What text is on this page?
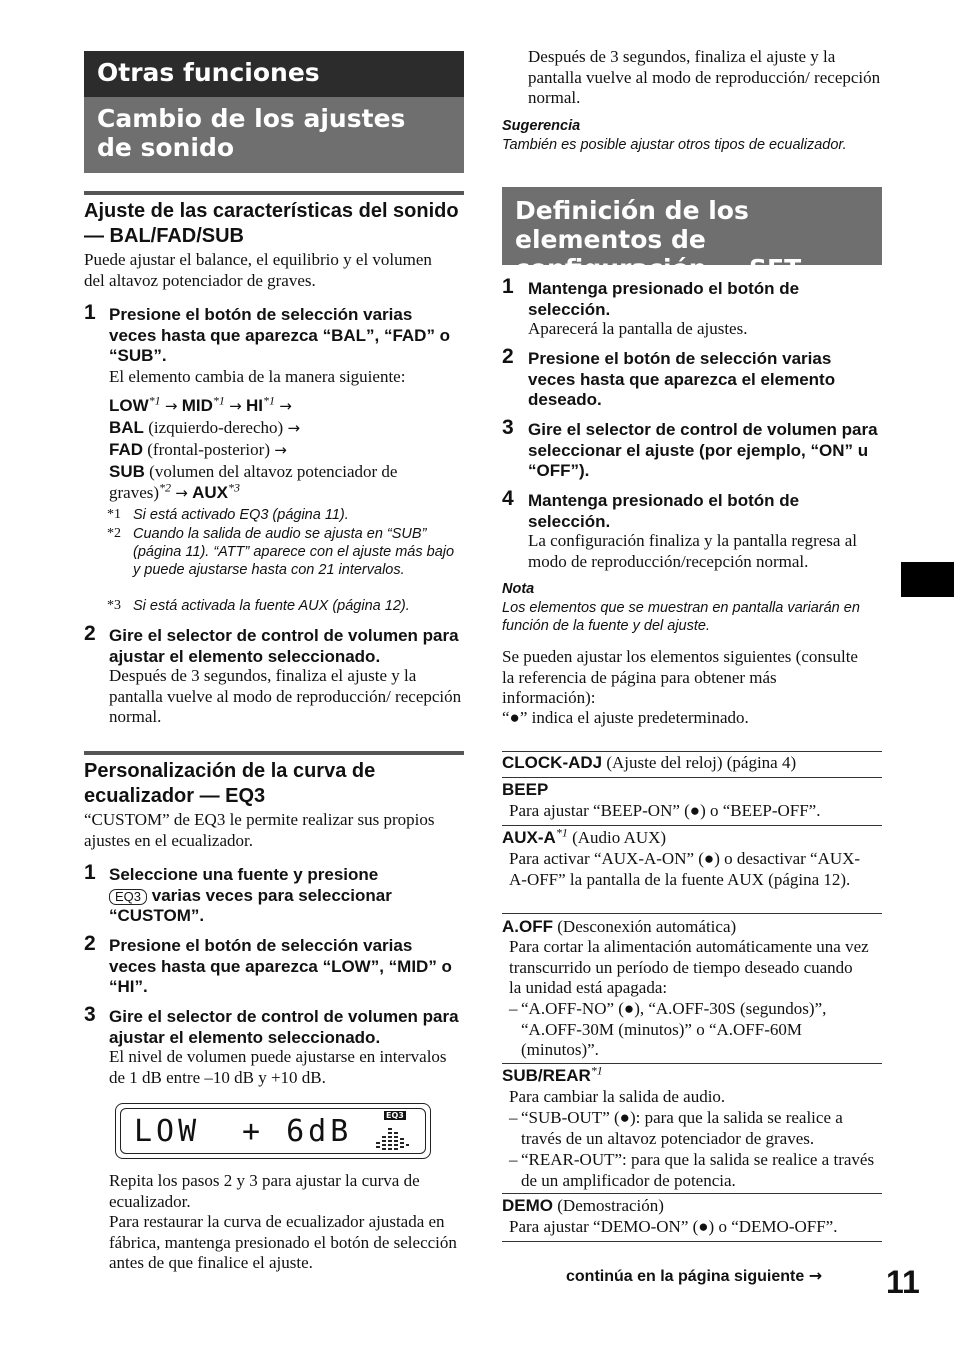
Otras funciones
Cambio de los ajustes de sonido
Ajuste de las características del sonido — BAL/FAD/SUB
Puede ajustar el balance, el equilibrio y el volumen del altavoz potenciador de graves.
1 Presione el botón de selección varias veces hasta que aparezca “BAL”, “FAD” o “SUB”.
El elemento cambia de la manera siguiente:
$LOW^{*1} \to MID^{*1} \to HI^{*1}$ →
BAL (izquierdo-derecho) →
FAD (frontal-posterior) →
SUB (volumen del altavoz potenciador de
graves)$^{*2}$ → $AUX^{*3}$
*1 Si está activado EQ3 (página 11).
*2 Cuando la salida de audio se ajusta en “SUB” (página 11). “ATT” aparece con el ajuste más bajo y puede ajustarse hasta con 21 intervalos.
*3 Si está activada la fuente AUX (página 12).
2 Gire el selector de control de volumen para ajustar el elemento seleccionado.
Después de 3 segundos, finaliza el ajuste y la pantalla vuelve al modo de reproducción/ recepción normal.
Personalización de la curva de ecualizador — EQ3
“CUSTOM” de EQ3 le permite realizar sus propios ajustes en el ecualizador.
1 Seleccione una fuente y presione
EQ3 varias veces para seleccionar “CUSTOM”.
2 Presione el botón de selección varias veces hasta que aparezca “LOW”, “MID” o “HI”.
3 Gire el selector de control de volumen para ajustar el elemento seleccionado.
El nivel de volumen puede ajustarse en intervalos de 1 dB entre –10 dB y +10 dB.
LOW + 6dB	EQ3
Repita los pasos 2 y 3 para ajustar la curva de ecualizador.
Para restaurar la curva de ecualizador ajustada en fábrica, mantenga presionado el botón de selección antes de que finalice el ajuste.
Después de 3 segundos, finaliza el ajuste y la pantalla vuelve al modo de reproducción/ recepción normal.
Sugerencia
También es posible ajustar otros tipos de ecualizador.
Definición de los elementos de configuración — SET
1 Mantenga presionado el botón de selección.
Aparecerá la pantalla de ajustes.
2 Presione el botón de selección varias veces hasta que aparezca el elemento deseado.
3 Gire el selector de control de volumen para seleccionar el ajuste (por ejemplo, “ON” u “OFF”).
4 Mantenga presionado el botón de selección.
La configuración finaliza y la pantalla regresa al modo de reproducción/recepción normal.
Nota
Los elementos que se muestran en pantalla variarán en función de la fuente y del ajuste.
Se pueden ajustar los elementos siguientes (consulte la referencia de página para obtener más información):
“●” indica el ajuste predeterminado.
CLOCK-ADJ (Ajuste del reloj) (página 4)
BEEP
Para ajustar “BEEP-ON” (●) o “BEEP-OFF”.
AUX-$A^{*1}$ (Audio AUX)
Para activar “AUX-A-ON” (●) o desactivar “AUX-A-OFF” la pantalla de la fuente AUX (página 12).
A.OFF (Desconexión automática)
Para cortar la alimentación automáticamente una vez transcurrido un período de tiempo deseado cuando la unidad está apagada:
– “A.OFF-NO” (●), “A.OFF-30S (segundos)”, “A.OFF-30M (minutos)” o “A.OFF-60M (minutos)”.
SUB/REAR$^{*1}$
Para cambiar la salida de audio.
– “SUB-OUT” (●): para que la salida se realice a través de un altavoz potenciador de graves.
– “REAR-OUT”: para que la salida se realice a través de un amplificador de potencia.
DEMO (Demostración)
Para ajustar “DEMO-ON” (●) o “DEMO-OFF”.
continúa en la página siguiente → 11
